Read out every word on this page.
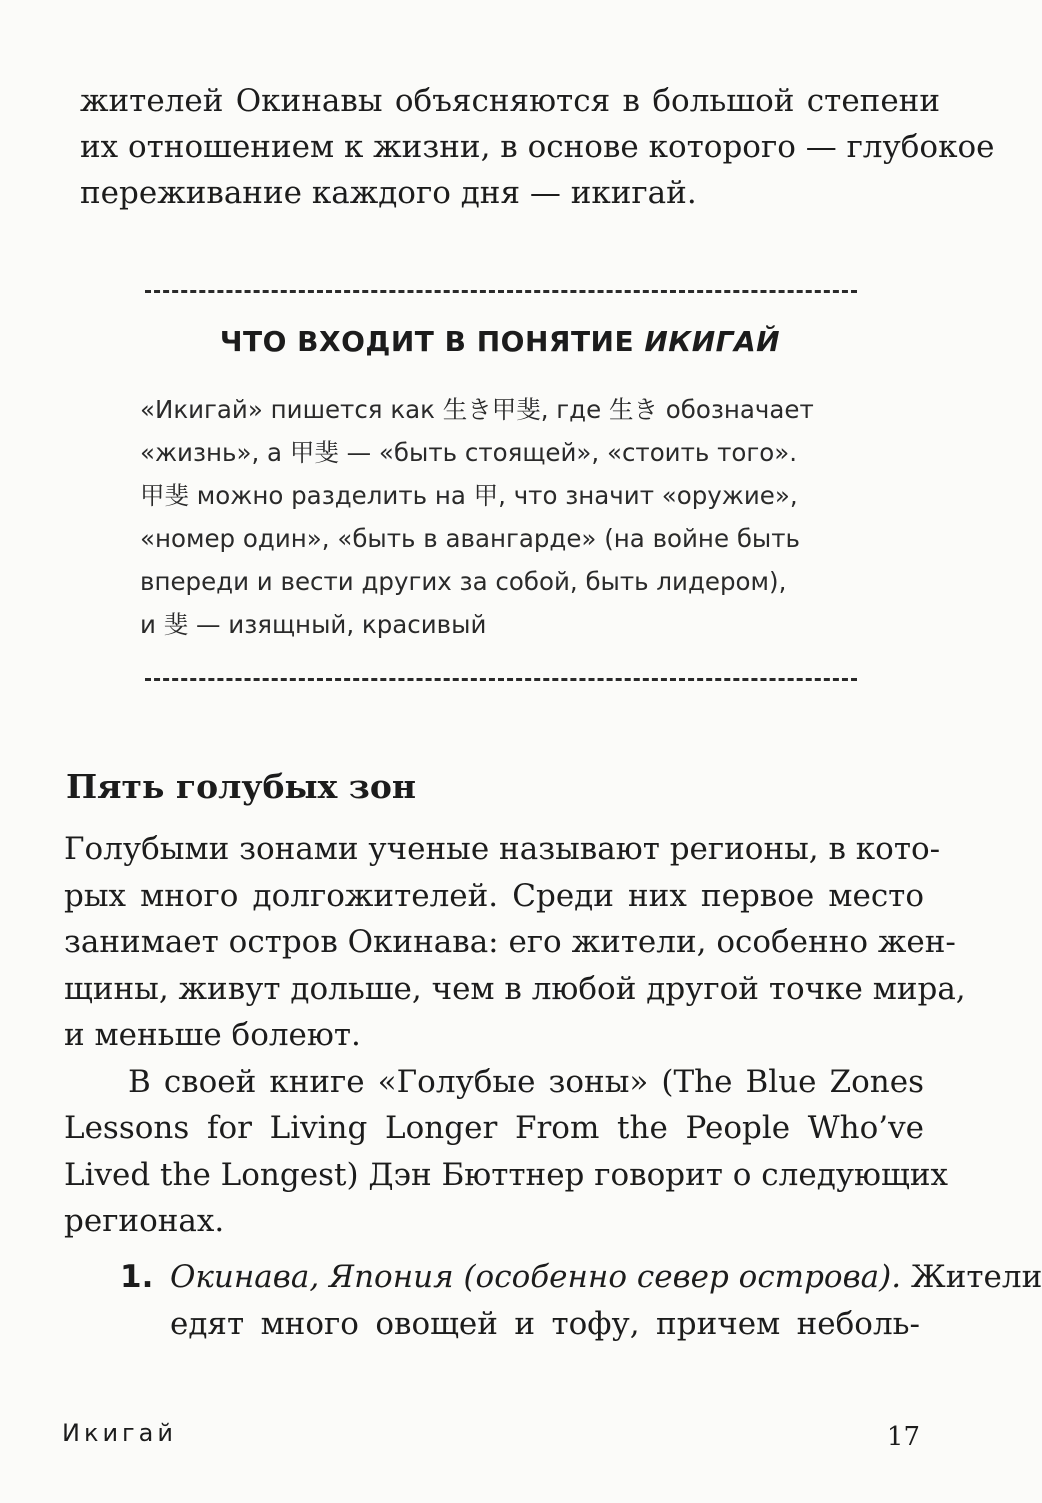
жителей Окинавы объясняются в большой степени
их отношением к жизни, в основе которого — глубокое
переживание каждого дня — икигай.
ЧТО ВХОДИТ В ПОНЯТИЕ ИКИГАЙ
«Икигай» пишется как 生き甲斐, где 生き обозначает
«жизнь», а 甲斐 — «быть стоящей», «стоить того».
甲斐 можно разделить на 甲, что значит «оружие»,
«номер один», «быть в авангарде» (на войне быть
впереди и вести других за собой, быть лидером),
и 斐 — изящный, красивый
Пять голубых зон
Голубыми зонами ученые называют регионы, в кото-
рых много долгожителей. Среди них первое место
занимает остров Окинава: его жители, особенно жен-
щины, живут дольше, чем в любой другой точке мира,
и меньше болеют.
В своей книге «Голубые зоны» (The Blue Zones
Lessons for Living Longer From the People Who’ve
Lived the Longest) Дэн Бюттнер говорит о следующих
регионах.
1. Окинава, Япония (особенно север острова). Жители
едят много овощей и тофу, причем неболь-

Икигай	17
